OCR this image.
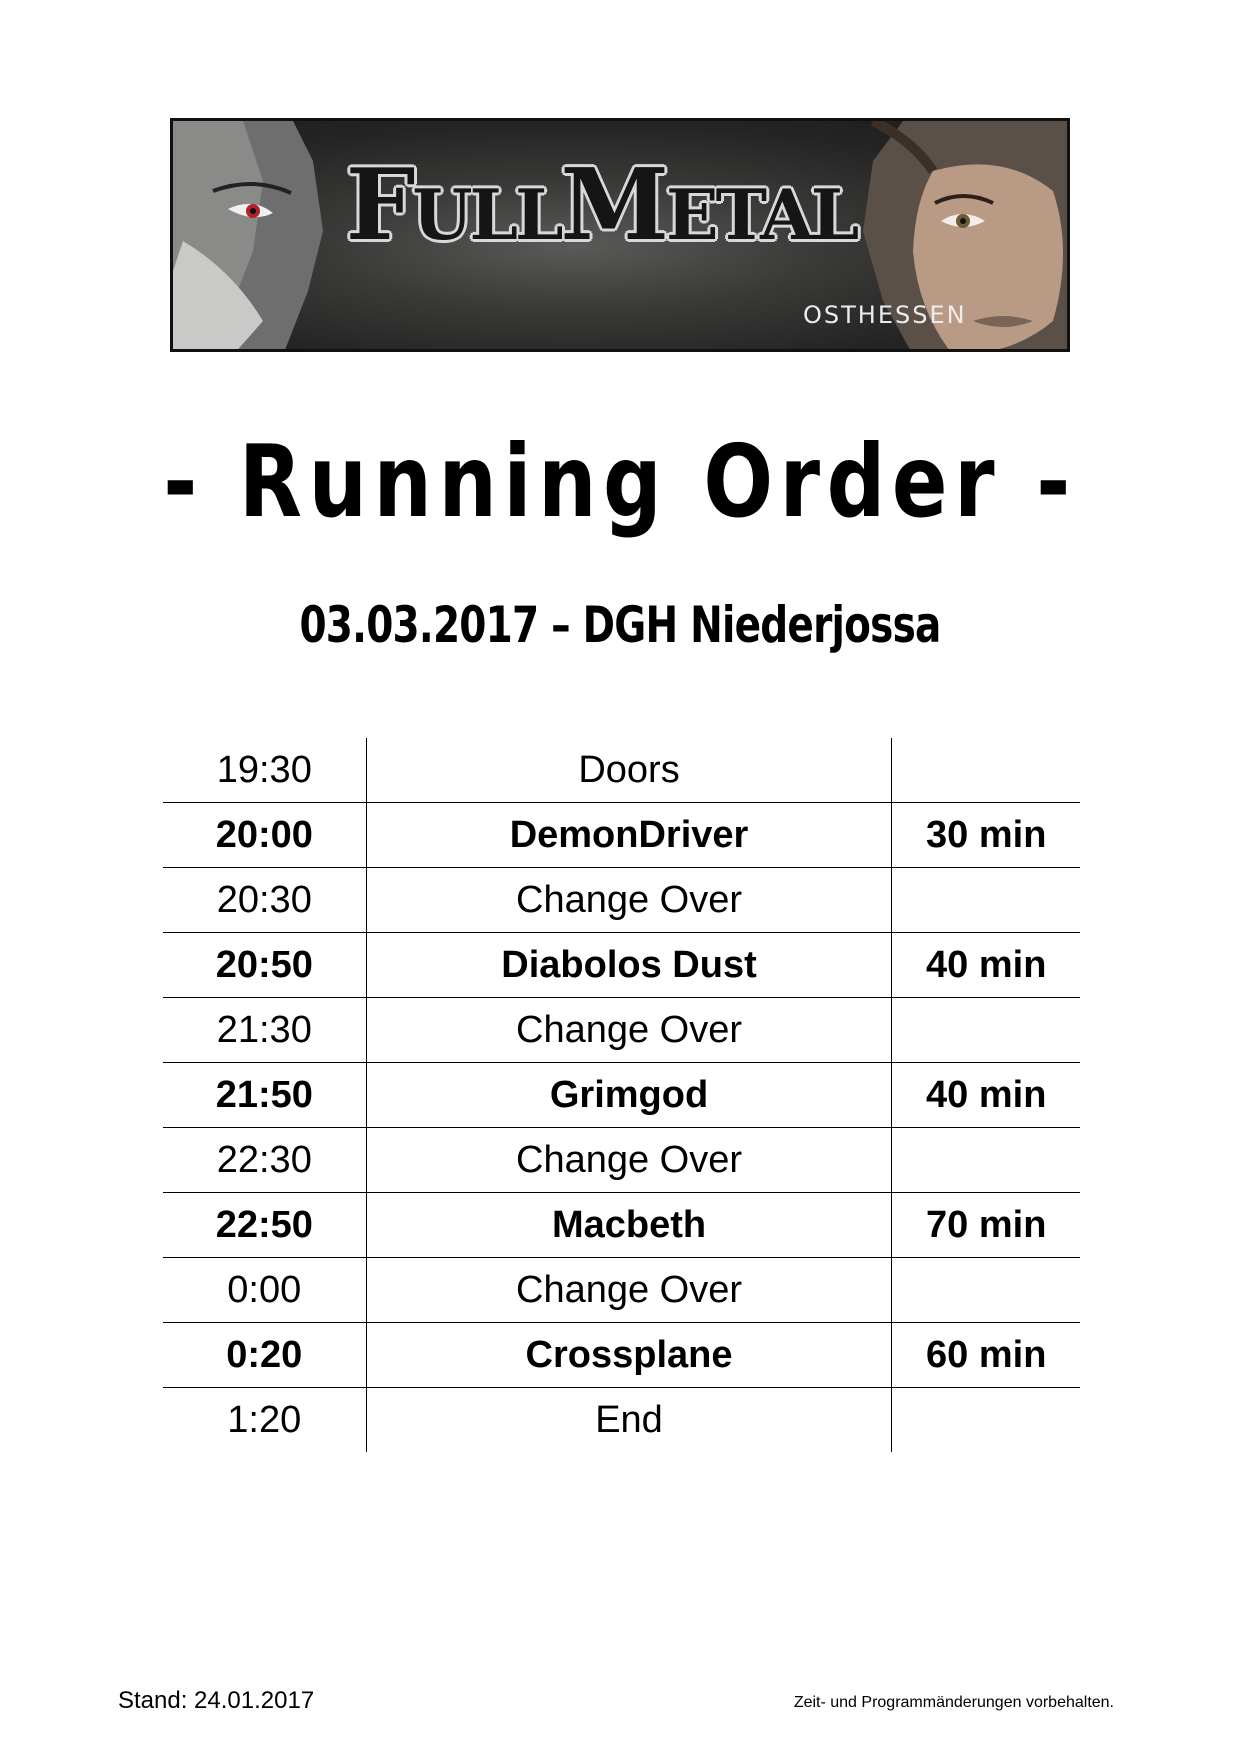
FullMetal
OSTHESSEN
- Running Order -
03.03.2017 – DGH Niederjossa
19:30	Doors	
20:00	DemonDriver	30 min
20:30	Change Over	
20:50	Diabolos Dust	40 min
21:30	Change Over	
21:50	Grimgod	40 min
22:30	Change Over	
22:50	Macbeth	70 min
0:00	Change Over	
0:20	Crossplane	60 min
1:20	End	
Stand: 24.01.2017	Zeit- und Programmänderungen vorbehalten.
